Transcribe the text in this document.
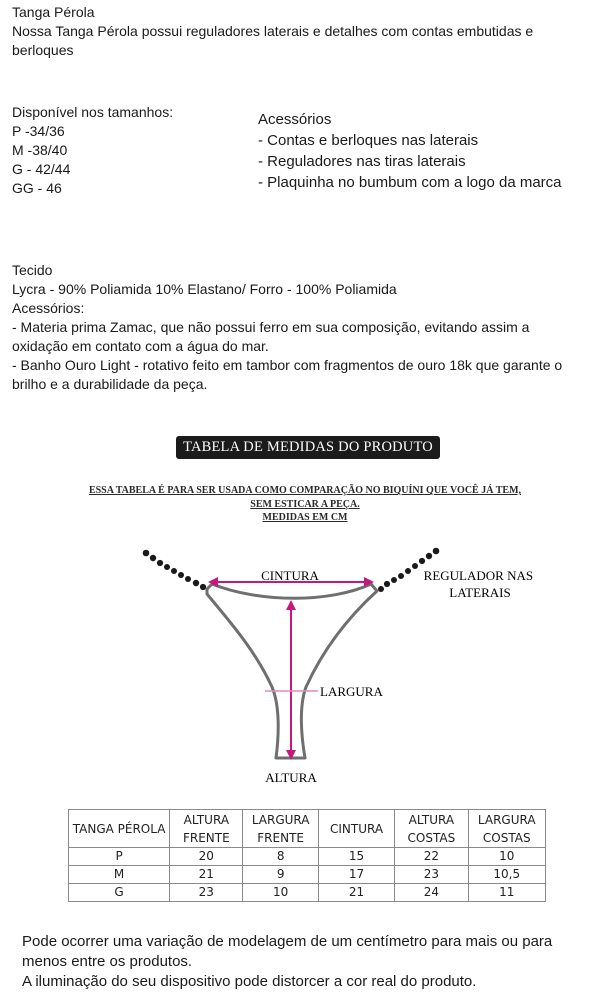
Tanga Pérola
Nossa Tanga Pérola possui reguladores laterais e detalhes com contas embutidas e berloques
Disponível nos tamanhos:
P -34/36
M -38/40
G - 42/44
GG - 46
Acessórios
- Contas e berloques nas laterais
- Reguladores nas tiras laterais
- Plaquinha no bumbum com a logo da marca
Tecido
Lycra - 90% Poliamida 10% Elastano/ Forro - 100% Poliamida
Acessórios:
- Materia prima Zamac, que não possui ferro em sua composição, evitando assim a oxidação em contato com a água do mar.
- Banho Ouro Light - rotativo feito em tambor com fragmentos de ouro 18k que garante o brilho e a durabilidade da peça.
TABELA DE MEDIDAS DO PRODUTO
ESSA TABELA É PARA SER USADA COMO COMPARAÇÃO NO BIQUÍNI QUE VOCÊ JÁ TEM,
SEM ESTICAR A PEÇA.
MEDIDAS EM CM
CINTURA	REGULADOR NAS LATERAIS
LARGURA
ALTURA
TANGA PÉROLA	ALTURA FRENTE	LARGURA FRENTE	CINTURA	ALTURA COSTAS	LARGURA COSTAS
P	20	8	15	22	10
M	21	9	17	23	10,5
G	23	10	21	24	11
Pode ocorrer uma variação de modelagem de um centímetro para mais ou para menos entre os produtos.
A iluminação do seu dispositivo pode distorcer a cor real do produto.
